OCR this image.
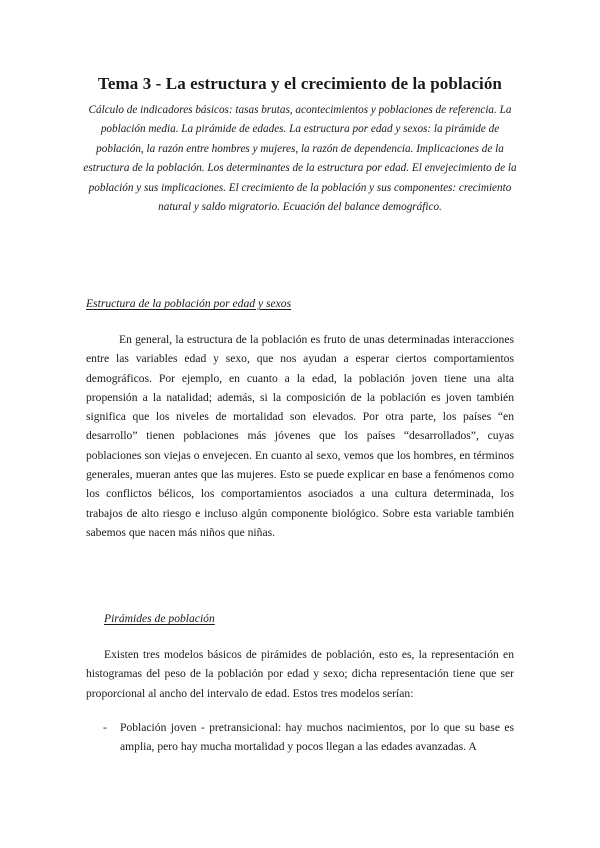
Tema 3 - La estructura y el crecimiento de la población
Cálculo de indicadores básicos: tasas brutas, acontecimientos y poblaciones de referencia. La población media. La pirámide de edades. La estructura por edad y sexos: la pirámide de población, la razón entre hombres y mujeres, la razón de dependencia. Implicaciones de la estructura de la población. Los determinantes de la estructura por edad. El envejecimiento de la población y sus implicaciones. El crecimiento de la población y sus componentes: crecimiento natural y saldo migratorio. Ecuación del balance demográfico.
Estructura de la población por edad y sexos
En general, la estructura de la población es fruto de unas determinadas interacciones entre las variables edad y sexo, que nos ayudan a esperar ciertos comportamientos demográficos. Por ejemplo, en cuanto a la edad, la población joven tiene una alta propensión a la natalidad; además, si la composición de la población es joven también significa que los niveles de mortalidad son elevados. Por otra parte, los países “en desarrollo” tienen poblaciones más jóvenes que los países “desarrollados”, cuyas poblaciones son viejas o envejecen. En cuanto al sexo, vemos que los hombres, en términos generales, mueran antes que las mujeres. Esto se puede explicar en base a fenómenos como los conflictos bélicos, los comportamientos asociados a una cultura determinada, los trabajos de alto riesgo e incluso algún componente biológico. Sobre esta variable también sabemos que nacen más niños que niñas.
Pirámides de población
Existen tres modelos básicos de pirámides de población, esto es, la representación en histogramas del peso de la población por edad y sexo; dicha representación tiene que ser proporcional al ancho del intervalo de edad. Estos tres modelos serían:
- Población joven - pretransicional: hay muchos nacimientos, por lo que su base es amplia, pero hay mucha mortalidad y pocos llegan a las edades avanzadas. A
